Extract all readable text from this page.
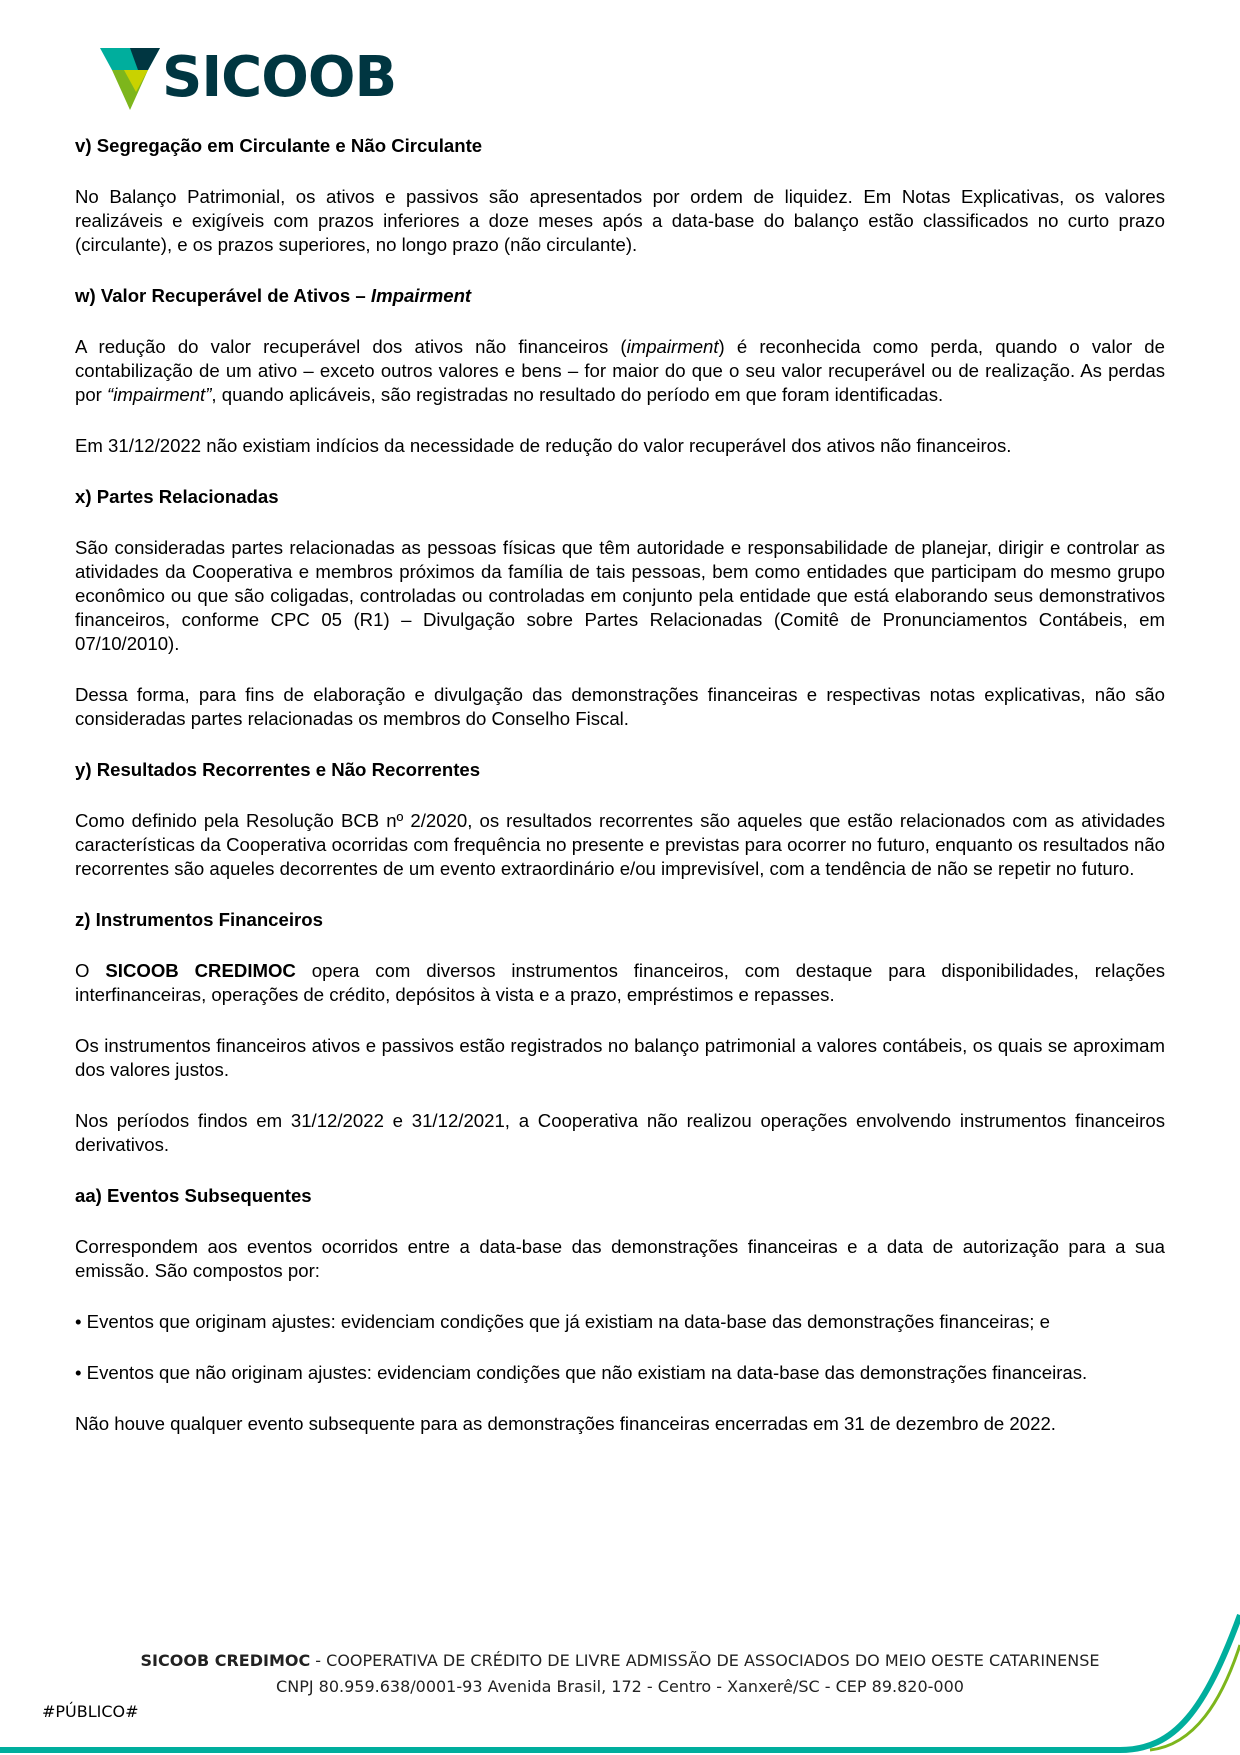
SICOOB
v) Segregação em Circulante e Não Circulante

No Balanço Patrimonial, os ativos e passivos são apresentados por ordem de liquidez. Em Notas Explicativas, os valores realizáveis e exigíveis com prazos inferiores a doze meses após a data-base do balanço estão classificados no curto prazo (circulante), e os prazos superiores, no longo prazo (não circulante).

w) Valor Recuperável de Ativos – Impairment

A redução do valor recuperável dos ativos não financeiros (impairment) é reconhecida como perda, quando o valor de contabilização de um ativo – exceto outros valores e bens – for maior do que o seu valor recuperável ou de realização. As perdas por “impairment”, quando aplicáveis, são registradas no resultado do período em que foram identificadas.

Em 31/12/2022 não existiam indícios da necessidade de redução do valor recuperável dos ativos não financeiros.

x) Partes Relacionadas

São consideradas partes relacionadas as pessoas físicas que têm autoridade e responsabilidade de planejar, dirigir e controlar as atividades da Cooperativa e membros próximos da família de tais pessoas, bem como entidades que participam do mesmo grupo econômico ou que são coligadas, controladas ou controladas em conjunto pela entidade que está elaborando seus demonstrativos financeiros, conforme CPC 05 (R1) – Divulgação sobre Partes Relacionadas (Comitê de Pronunciamentos Contábeis, em 07/10/2010).

Dessa forma, para fins de elaboração e divulgação das demonstrações financeiras e respectivas notas explicativas, não são consideradas partes relacionadas os membros do Conselho Fiscal.

y) Resultados Recorrentes e Não Recorrentes

Como definido pela Resolução BCB nº 2/2020, os resultados recorrentes são aqueles que estão relacionados com as atividades características da Cooperativa ocorridas com frequência no presente e previstas para ocorrer no futuro, enquanto os resultados não recorrentes são aqueles decorrentes de um evento extraordinário e/ou imprevisível, com a tendência de não se repetir no futuro.

z) Instrumentos Financeiros

O SICOOB CREDIMOC opera com diversos instrumentos financeiros, com destaque para disponibilidades, relações interfinanceiras, operações de crédito, depósitos à vista e a prazo, empréstimos e repasses.

Os instrumentos financeiros ativos e passivos estão registrados no balanço patrimonial a valores contábeis, os quais se aproximam dos valores justos.

Nos períodos findos em 31/12/2022 e 31/12/2021, a Cooperativa não realizou operações envolvendo instrumentos financeiros derivativos.

aa) Eventos Subsequentes

Correspondem aos eventos ocorridos entre a data-base das demonstrações financeiras e a data de autorização para a sua emissão. São compostos por:

• Eventos que originam ajustes: evidenciam condições que já existiam na data-base das demonstrações financeiras; e

• Eventos que não originam ajustes: evidenciam condições que não existiam na data-base das demonstrações financeiras.

Não houve qualquer evento subsequente para as demonstrações financeiras encerradas em 31 de dezembro de 2022.

SICOOB CREDIMOC - COOPERATIVA DE CRÉDITO DE LIVRE ADMISSÃO DE ASSOCIADOS DO MEIO OESTE CATARINENSE
CNPJ 80.959.638/0001-93 Avenida Brasil, 172 - Centro - Xanxerê/SC - CEP 89.820-000
#PÚBLICO#
